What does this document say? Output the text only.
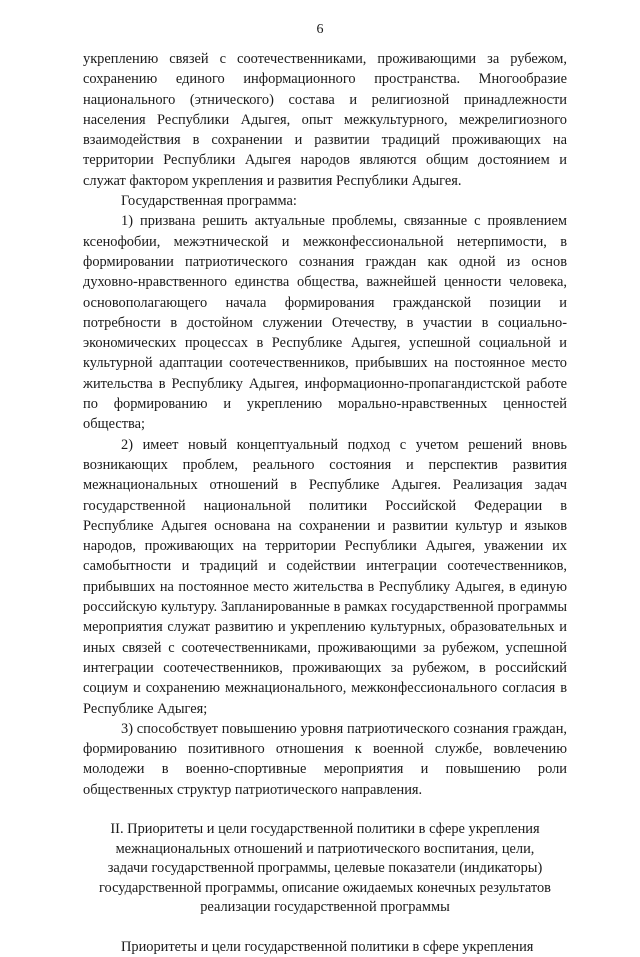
6

укреплению связей с соотечественниками, проживающими за рубежом, сохранению единого информационного пространства. Многообразие национального (этнического) состава и религиозной принадлежности населения Республики Адыгея, опыт межкультурного, межрелигиозного взаимодействия в сохранении и развитии традиций проживающих на территории Республики Адыгея народов являются общим достоянием и служат фактором укрепления и развития Республики Адыгея.

Государственная программа:

1) призвана решить актуальные проблемы, связанные с проявлением ксенофобии, межэтнической и межконфессиональной нетерпимости, в формировании патриотического сознания граждан как одной из основ духовно-нравственного единства общества, важнейшей ценности человека, основополагающего начала формирования гражданской позиции и потребности в достойном служении Отечеству, в участии в социально-экономических процессах в Республике Адыгея, успешной социальной и культурной адаптации соотечественников, прибывших на постоянное место жительства в Республику Адыгея, информационно-пропагандистской работе по формированию и укреплению морально-нравственных ценностей общества;

2) имеет новый концептуальный подход с учетом решений вновь возникающих проблем, реального состояния и перспектив развития межнациональных отношений в Республике Адыгея. Реализация задач государственной национальной политики Российской Федерации в Республике Адыгея основана на сохранении и развитии культур и языков народов, проживающих на территории Республики Адыгея, уважении их самобытности и традиций и содействии интеграции соотечественников, прибывших на постоянное место жительства в Республику Адыгея, в единую российскую культуру. Запланированные в рамках государственной программы мероприятия служат развитию и укреплению культурных, образовательных и иных связей с соотечественниками, проживающими за рубежом, успешной интеграции соотечественников, проживающих за рубежом, в российский социум и сохранению межнационального, межконфессионального согласия в Республике Адыгея;

3) способствует повышению уровня патриотического сознания граждан, формированию позитивного отношения к военной службе, вовлечению молодежи в военно-спортивные мероприятия и повышению роли общественных структур патриотического направления.

II. Приоритеты и цели государственной политики в сфере укрепления
межнациональных отношений и патриотического воспитания, цели,
задачи государственной программы, целевые показатели (индикаторы)
государственной программы, описание ожидаемых конечных результатов
реализации государственной программы

Приоритеты и цели государственной политики в сфере укрепления
